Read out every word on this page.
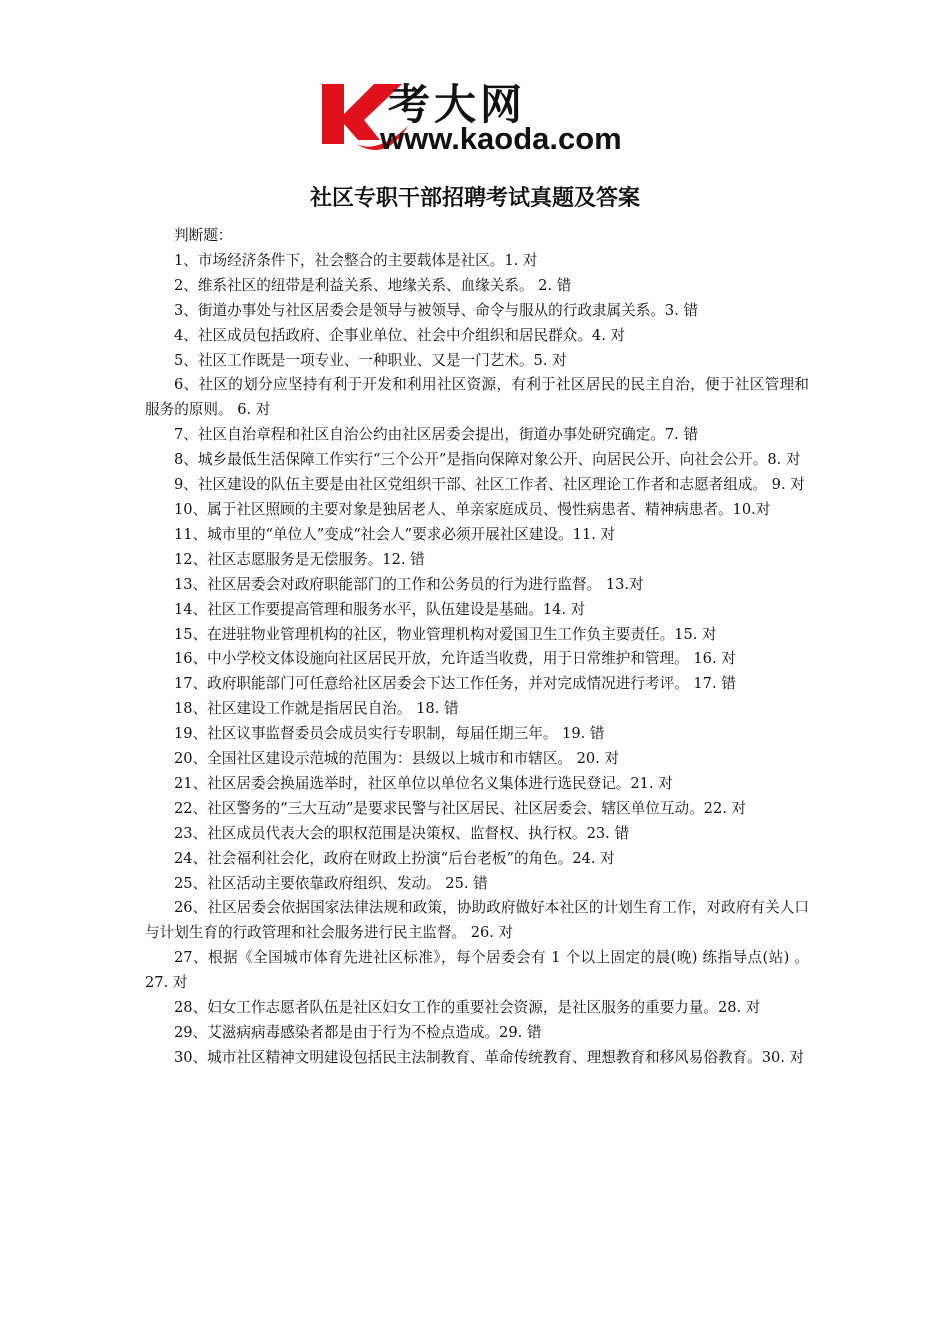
考大网
www.kaoda.com
社区专职干部招聘考试真题及答案

判断题：

1、市场经济条件下，社会整合的主要载体是社区。1. 对

2、维系社区的纽带是利益关系、地缘关系、血缘关系。 2. 错

3、街道办事处与社区居委会是领导与被领导、命令与服从的行政隶属关系。3. 错

4、社区成员包括政府、企事业单位、社会中介组织和居民群众。4. 对

5、社区工作既是一项专业、一种职业、又是一门艺术。5. 对

6、社区的划分应坚持有利于开发和利用社区资源，有利于社区居民的民主自治，便于社区管理和服务的原则。 6. 对

7、社区自治章程和社区自治公约由社区居委会提出，街道办事处研究确定。7. 错

8、城乡最低生活保障工作实行“三个公开”是指向保障对象公开、向居民公开、向社会公开。8. 对

9、社区建设的队伍主要是由社区党组织干部、社区工作者、社区理论工作者和志愿者组成。 9. 对

10、属于社区照顾的主要对象是独居老人、单亲家庭成员、慢性病患者、精神病患者。10.对

11、城市里的“单位人”变成“社会人”要求必须开展社区建设。11. 对

12、社区志愿服务是无偿服务。12. 错

13、社区居委会对政府职能部门的工作和公务员的行为进行监督。 13.对

14、社区工作要提高管理和服务水平，队伍建设是基础。14. 对

15、在进驻物业管理机构的社区，物业管理机构对爱国卫生工作负主要责任。15. 对

16、中小学校文体设施向社区居民开放，允许适当收费，用于日常维护和管理。 16. 对

17、政府职能部门可任意给社区居委会下达工作任务，并对完成情况进行考评。 17. 错

18、社区建设工作就是指居民自治。 18. 错

19、社区议事监督委员会成员实行专职制，每届任期三年。 19. 错

20、全国社区建设示范城的范围为：县级以上城市和市辖区。 20. 对

21、社区居委会换届选举时，社区单位以单位名义集体进行选民登记。21. 对

22、社区警务的“三大互动”是要求民警与社区居民、社区居委会、辖区单位互动。22. 对

23、社区成员代表大会的职权范围是决策权、监督权、执行权。23. 错

24、社会福利社会化，政府在财政上扮演“后台老板”的角色。24. 对

25、社区活动主要依靠政府组织、发动。 25. 错

26、社区居委会依据国家法律法规和政策，协助政府做好本社区的计划生育工作，对政府有关人口与计划生育的行政管理和社会服务进行民主监督。 26. 对

27、根据《全国城市体育先进社区标准》，每个居委会有 1 个以上固定的晨(晚) 练指导点(站) 。27. 对

28、妇女工作志愿者队伍是社区妇女工作的重要社会资源，是社区服务的重要力量。28. 对

29、艾滋病病毒感染者都是由于行为不检点造成。29. 错

30、城市社区精神文明建设包括民主法制教育、革命传统教育、理想教育和移风易俗教育。30. 对
